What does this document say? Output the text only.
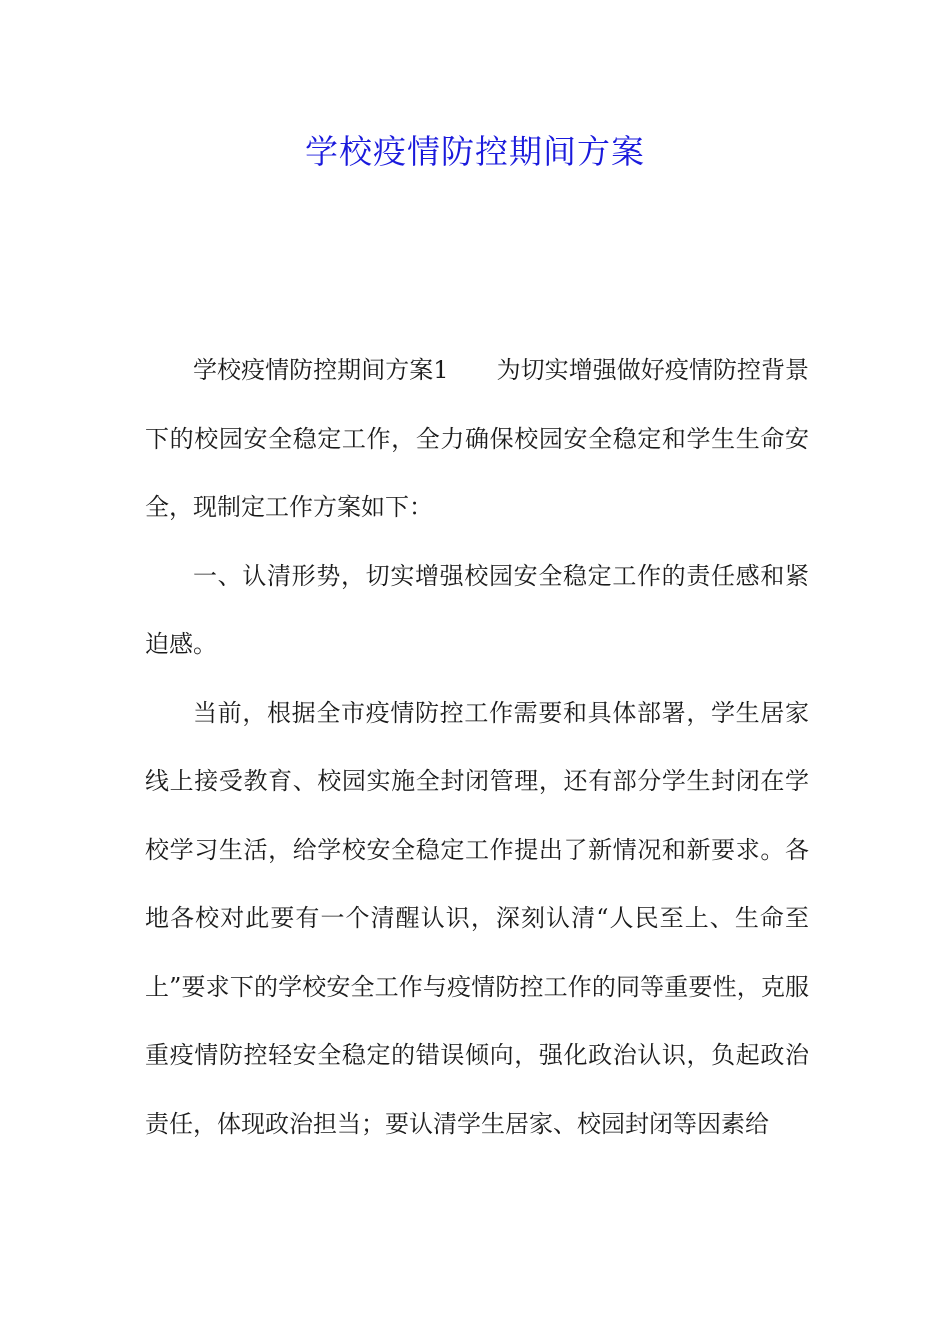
学校疫情防控期间方案

学校疫情防控期间方案1 为切实增强做好疫情防控背景下的校园安全稳定工作，全力确保校园安全稳定和学生生命安全，现制定工作方案如下：

一、认清形势，切实增强校园安全稳定工作的责任感和紧迫感。

当前，根据全市疫情防控工作需要和具体部署，学生居家线上接受教育、校园实施全封闭管理，还有部分学生封闭在学校学习生活，给学校安全稳定工作提出了新情况和新要求。各地各校对此要有一个清醒认识，深刻认清“人民至上、生命至上”要求下的学校安全工作与疫情防控工作的同等重要性，克服重疫情防控轻安全稳定的错误倾向，强化政治认识，负起政治责任，体现政治担当；要认清学生居家、校园封闭等因素给
